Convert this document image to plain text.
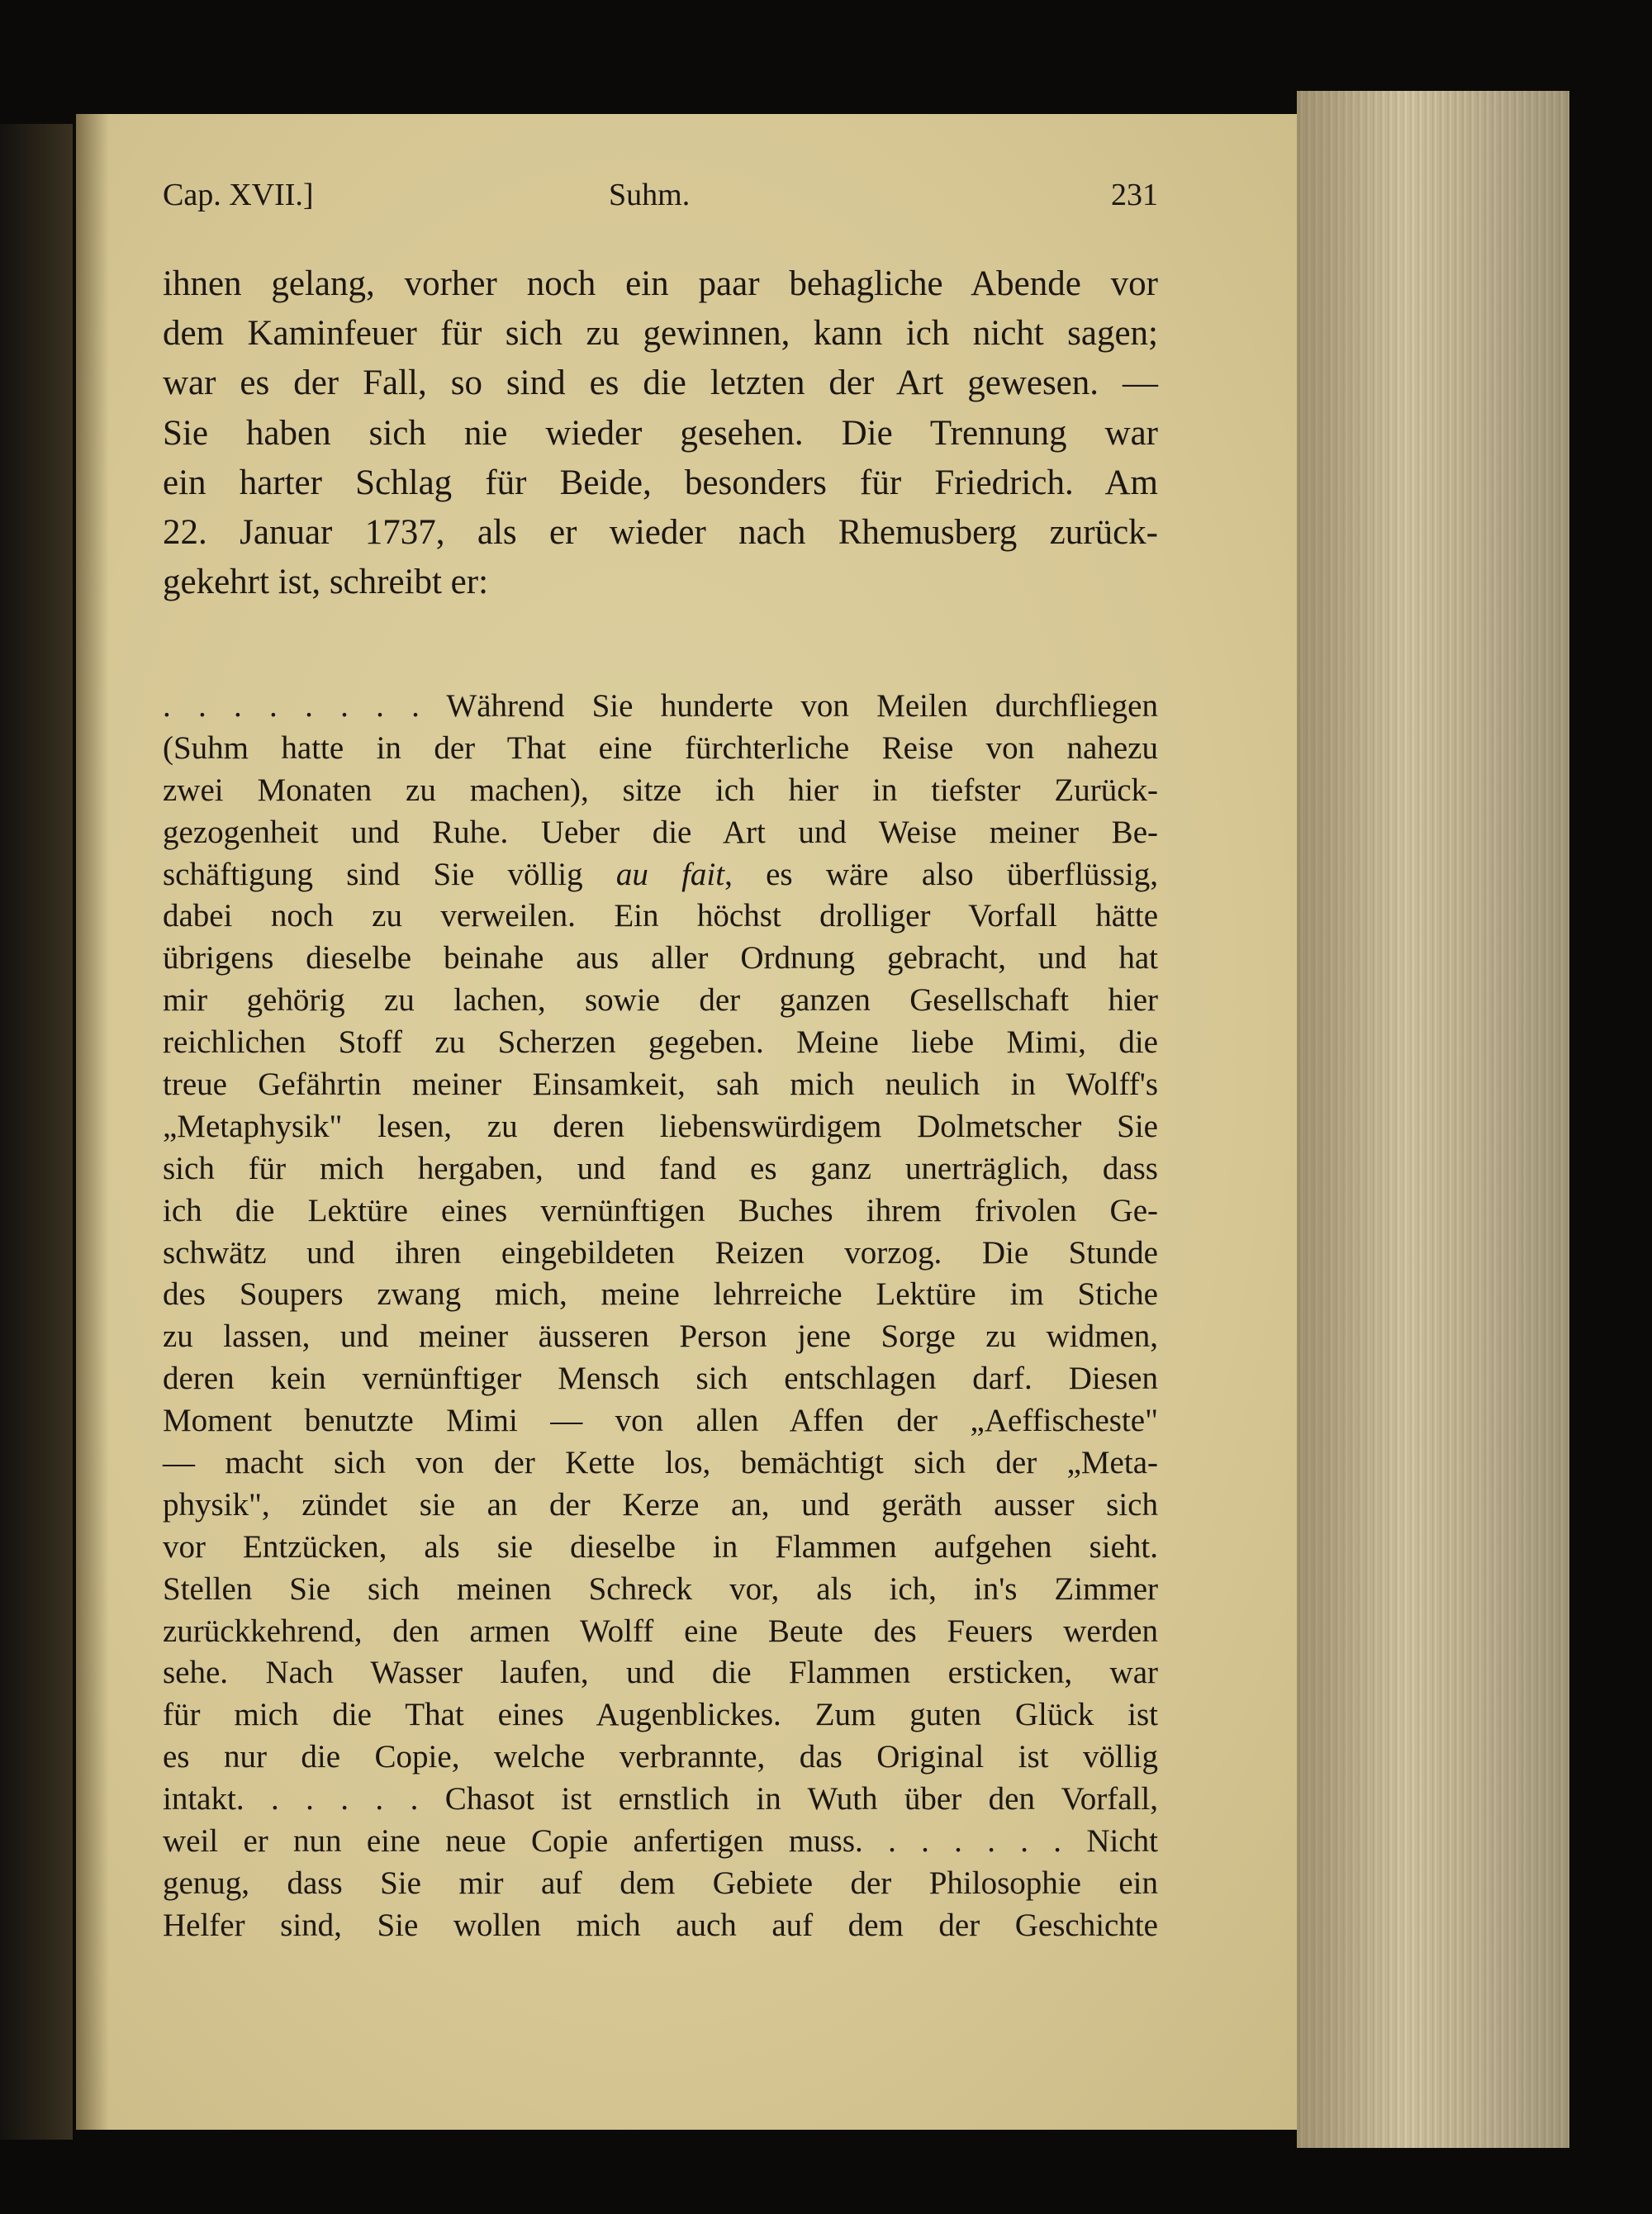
Cap. XVII.]	Suhm.	231
ihnen gelang, vorher noch ein paar behagliche Abende vor
dem Kaminfeuer für sich zu gewinnen, kann ich nicht sagen;
war es der Fall, so sind es die letzten der Art gewesen. —
Sie haben sich nie wieder gesehen. Die Trennung war
ein harter Schlag für Beide, besonders für Friedrich. Am
22. Januar 1737, als er wieder nach Rhemusberg zurück-
gekehrt ist, schreibt er:
. . . . . . . . Während Sie hunderte von Meilen durchfliegen
(Suhm hatte in der That eine fürchterliche Reise von nahezu
zwei Monaten zu machen), sitze ich hier in tiefster Zurück-
gezogenheit und Ruhe. Ueber die Art und Weise meiner Be-
schäftigung sind Sie völlig au fait, es wäre also überflüssig,
dabei noch zu verweilen. Ein höchst drolliger Vorfall hätte
übrigens dieselbe beinahe aus aller Ordnung gebracht, und hat
mir gehörig zu lachen, sowie der ganzen Gesellschaft hier
reichlichen Stoff zu Scherzen gegeben. Meine liebe Mimi, die
treue Gefährtin meiner Einsamkeit, sah mich neulich in Wolff's
„Metaphysik" lesen, zu deren liebenswürdigem Dolmetscher Sie
sich für mich hergaben, und fand es ganz unerträglich, dass
ich die Lektüre eines vernünftigen Buches ihrem frivolen Ge-
schwätz und ihren eingebildeten Reizen vorzog. Die Stunde
des Soupers zwang mich, meine lehrreiche Lektüre im Stiche
zu lassen, und meiner äusseren Person jene Sorge zu widmen,
deren kein vernünftiger Mensch sich entschlagen darf. Diesen
Moment benutzte Mimi — von allen Affen der „Aeffischeste"
— macht sich von der Kette los, bemächtigt sich der „Meta-
physik", zündet sie an der Kerze an, und geräth ausser sich
vor Entzücken, als sie dieselbe in Flammen aufgehen sieht.
Stellen Sie sich meinen Schreck vor, als ich, in's Zimmer
zurückkehrend, den armen Wolff eine Beute des Feuers werden
sehe. Nach Wasser laufen, und die Flammen ersticken, war
für mich die That eines Augenblickes. Zum guten Glück ist
es nur die Copie, welche verbrannte, das Original ist völlig
intakt. . . . . . Chasot ist ernstlich in Wuth über den Vorfall,
weil er nun eine neue Copie anfertigen muss. . . . . . . Nicht
genug, dass Sie mir auf dem Gebiete der Philosophie ein
Helfer sind, Sie wollen mich auch auf dem der Geschichte
